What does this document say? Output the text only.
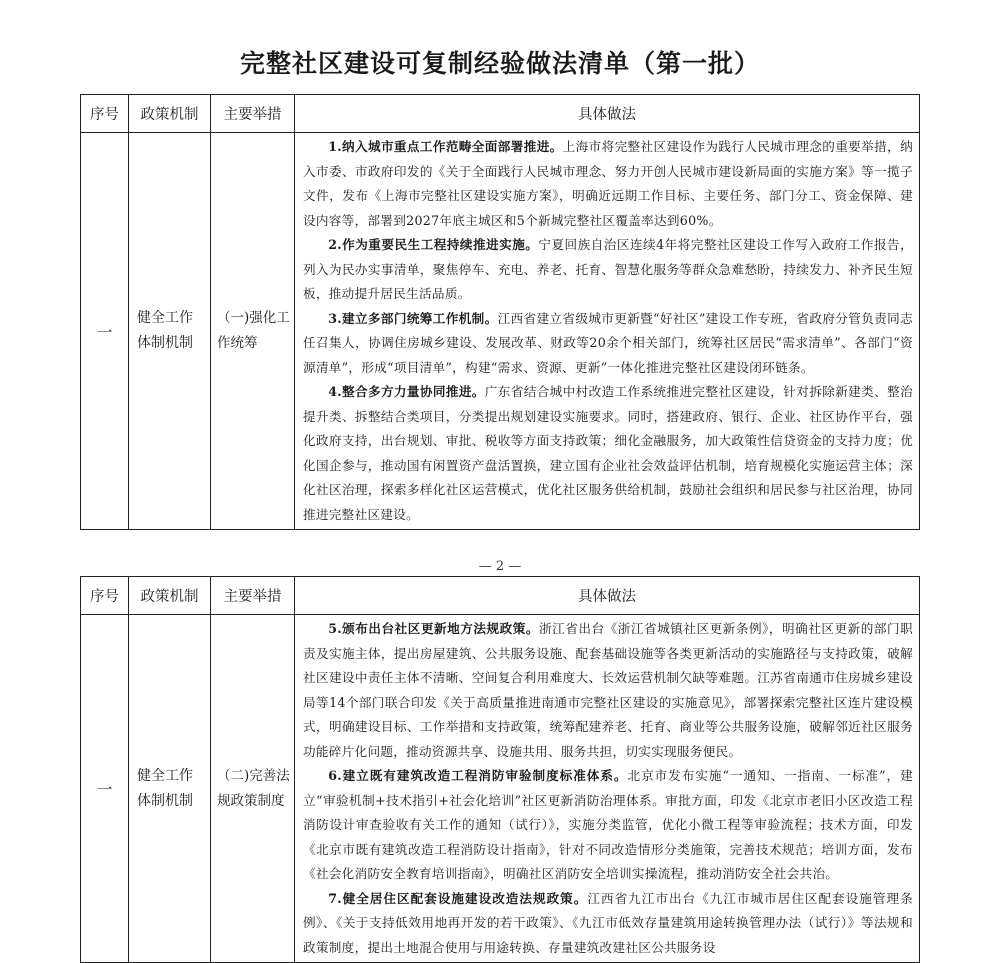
完整社区建设可复制经验做法清单（第一批）
序号	政策机制	主要举措	具体做法
一	健全工作体制机制	（一)强化工作统筹	1.纳入城市重点工作范畴全面部署推进。上海市将完整社区建设作为践行人民城市理念的重要举措，纳入市委、市政府印发的《关于全面践行人民城市理念、努力开创人民城市建设新局面的实施方案》等一揽子文件，发布《上海市完整社区建设实施方案》，明确近远期工作目标、主要任务、部门分工、资金保障、建设内容等，部署到2027年底主城区和5个新城完整社区覆盖率达到60%。

2.作为重要民生工程持续推进实施。宁夏回族自治区连续4年将完整社区建设工作写入政府工作报告，列入为民办实事清单，聚焦停车、充电、养老、托育、智慧化服务等群众急难愁盼，持续发力、补齐民生短板，推动提升居民生活品质。

3.建立多部门统筹工作机制。江西省建立省级城市更新暨“好社区”建设工作专班，省政府分管负责同志任召集人，协调住房城乡建设、发展改革、财政等20余个相关部门，统筹社区居民“需求清单”、各部门“资源清单”，形成“项目清单”，构建“需求、资源、更新”一体化推进完整社区建设闭环链条。

4.整合多方力量协同推进。广东省结合城中村改造工作系统推进完整社区建设，针对拆除新建类、整治提升类、拆整结合类项目，分类提出规划建设实施要求。同时，搭建政府、银行、企业、社区协作平台，强化政府支持，出台规划、审批、税收等方面支持政策；细化金融服务，加大政策性信贷资金的支持力度；优化国企参与，推动国有闲置资产盘活置换，建立国有企业社会效益评估机制，培育规模化实施运营主体；深化社区治理，探索多样化社区运营模式，优化社区服务供给机制，鼓励社会组织和居民参与社区治理，协同推进完整社区建设。

— 2 —
序号	政策机制	主要举措	具体做法
一	健全工作体制机制	（二)完善法规政策制度	5.颁布出台社区更新地方法规政策。浙江省出台《浙江省城镇社区更新条例》，明确社区更新的部门职责及实施主体，提出房屋建筑、公共服务设施、配套基础设施等各类更新活动的实施路径与支持政策，破解社区建设中责任主体不清晰、空间复合利用难度大、长效运营机制欠缺等难题。江苏省南通市住房城乡建设局等14个部门联合印发《关于高质量推进南通市完整社区建设的实施意见》，部署探索完整社区连片建设模式，明确建设目标、工作举措和支持政策，统筹配建养老、托育、商业等公共服务设施，破解邻近社区服务功能碎片化问题，推动资源共享、设施共用、服务共担，切实实现服务便民。

6.建立既有建筑改造工程消防审验制度标准体系。北京市发布实施“一通知、一指南、一标准”，建立“审验机制+技术指引+社会化培训”社区更新消防治理体系。审批方面，印发《北京市老旧小区改造工程消防设计审查验收有关工作的通知（试行）》，实施分类监管，优化小微工程等审验流程；技术方面，印发《北京市既有建筑改造工程消防设计指南》，针对不同改造情形分类施策，完善技术规范；培训方面，发布《社会化消防安全教育培训指南》，明确社区消防安全培训实操流程，推动消防安全社会共治。

7.健全居住区配套设施建设改造法规政策。江西省九江市出台《九江市城市居住区配套设施管理条例》、《关于支持低效用地再开发的若干政策》、《九江市低效存量建筑用途转换管理办法（试行）》等法规和政策制度，提出土地混合使用与用途转换、存量建筑改建社区公共服务设
